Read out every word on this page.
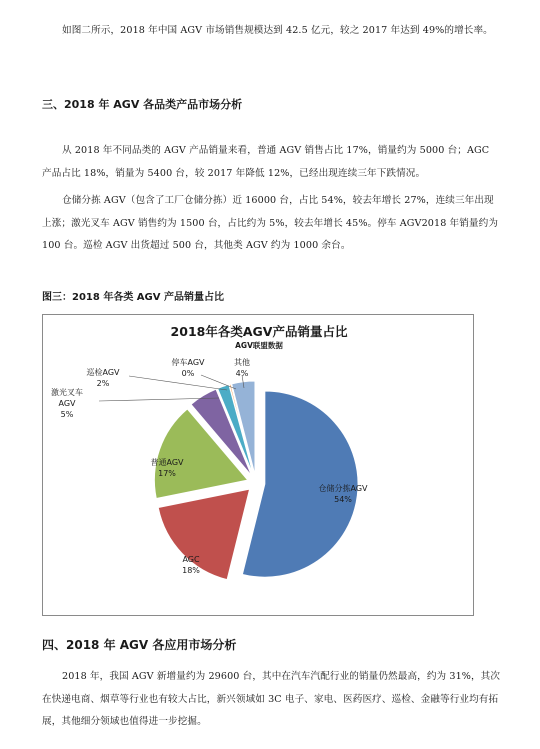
如图二所示，2018 年中国 AGV 市场销售规模达到 42.5 亿元，较之 2017 年达到 49%的增长率。

三、2018 年 AGV 各品类产品市场分析

从 2018 年不同品类的 AGV 产品销量来看，普通 AGV 销售占比 17%，销量约为 5000 台；AGC 产品占比 18%，销量为 5400 台，较 2017 年降低 12%，已经出现连续三年下跌情况。

仓储分拣 AGV（包含了工厂仓储分拣）近 16000 台，占比 54%，较去年增长 27%，连续三年出现上涨；激光叉车 AGV 销售约为 1500 台，占比约为 5%，较去年增长 45%。停车 AGV2018 年销量约为 100 台。巡检 AGV 出货超过 500 台，其他类 AGV 约为 1000 余台。

图三：2018 年各类 AGV 产品销量占比
2018年各类AGV产品销量占比
AGV联盟数据
仓储分拣AGV 54%
AGC 18%
普通AGV 17%
激光叉车 AGV 5%
巡检AGV 2%
停车AGV 0%
其他 4%
四、2018 年 AGV 各应用市场分析

2018 年，我国 AGV 新增量约为 29600 台，其中在汽车汽配行业的销量仍然最高，约为 31%，其次在快递电商、烟草等行业也有较大占比，新兴领域如 3C 电子、家电、医药医疗、巡检、金融等行业均有拓展，其他细分领域也值得进一步挖掘。
